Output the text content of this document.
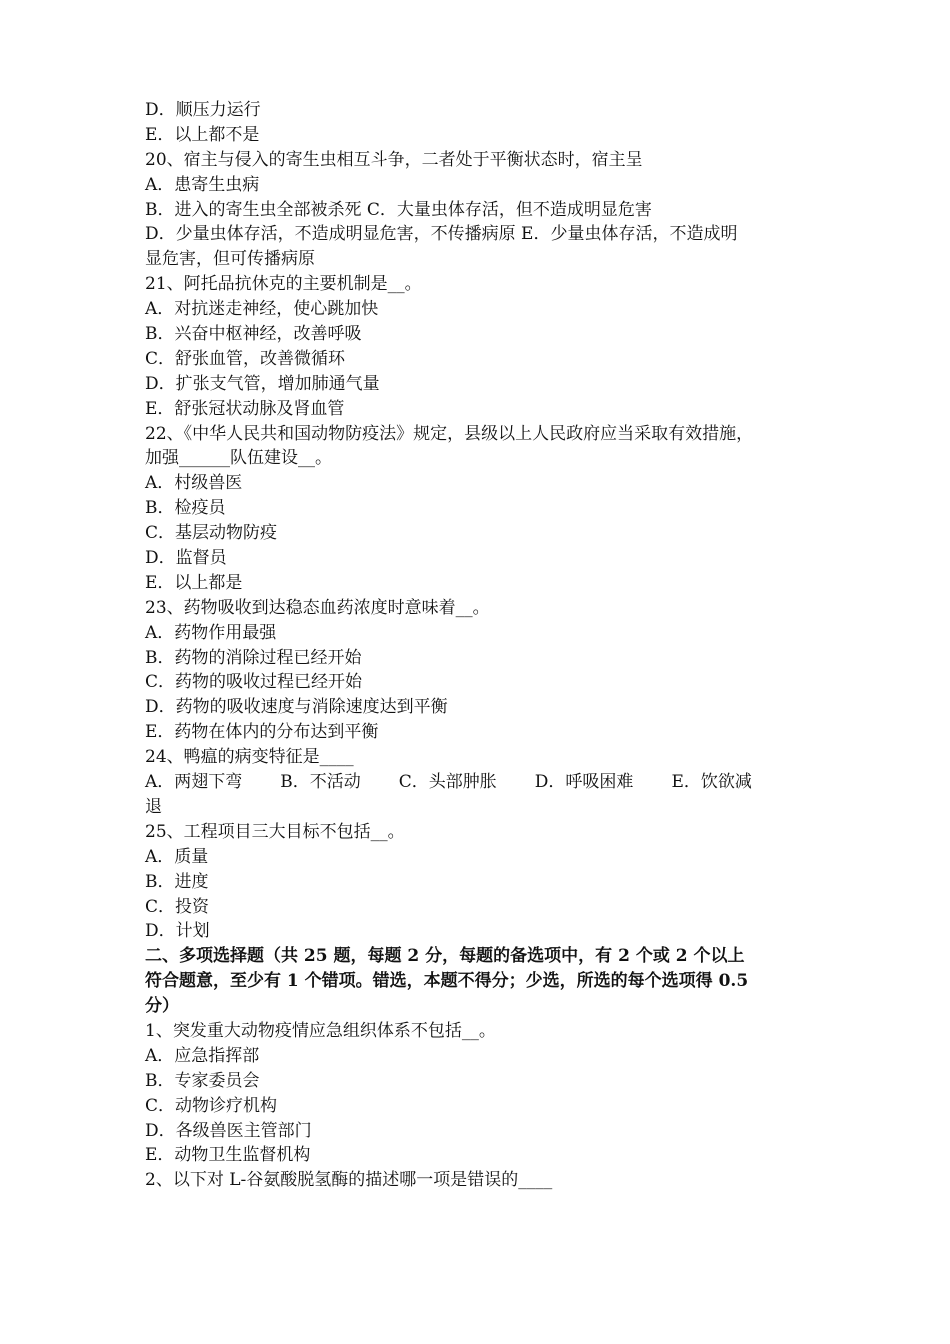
D．顺压力运行
E．以上都不是
20、宿主与侵入的寄生虫相互斗争，二者处于平衡状态时，宿主呈
A．患寄生虫病
B．进入的寄生虫全部被杀死 C．大量虫体存活，但不造成明显危害
D．少量虫体存活，不造成明显危害，不传播病原 E．少量虫体存活，不造成明
显危害，但可传播病原
21、阿托品抗休克的主要机制是__。
A．对抗迷走神经，使心跳加快
B．兴奋中枢神经，改善呼吸
C．舒张血管，改善微循环
D．扩张支气管，增加肺通气量
E．舒张冠状动脉及肾血管
22、《中华人民共和国动物防疫法》规定，县级以上人民政府应当采取有效措施，
加强______队伍建设__。
A．村级兽医
B．检疫员
C．基层动物防疫
D．监督员
E．以上都是
23、药物吸收到达稳态血药浓度时意味着__。
A．药物作用最强
B．药物的消除过程已经开始
C．药物的吸收过程已经开始
D．药物的吸收速度与消除速度达到平衡
E．药物在体内的分布达到平衡
24、鸭瘟的病变特征是____
A．两翅下弯 B．不活动 C．头部肿胀 D．呼吸困难 E．饮欲减
退
25、工程项目三大目标不包括__。
A．质量
B．进度
C．投资
D．计划
二、多项选择题（共 25 题，每题 2 分，每题的备选项中，有 2 个或 2 个以上
符合题意，至少有 1 个错项。错选，本题不得分；少选，所选的每个选项得 0.5
分）
1、突发重大动物疫情应急组织体系不包括__。
A．应急指挥部
B．专家委员会
C．动物诊疗机构
D．各级兽医主管部门
E．动物卫生监督机构
2、以下对 L-谷氨酸脱氢酶的描述哪一项是错误的____
